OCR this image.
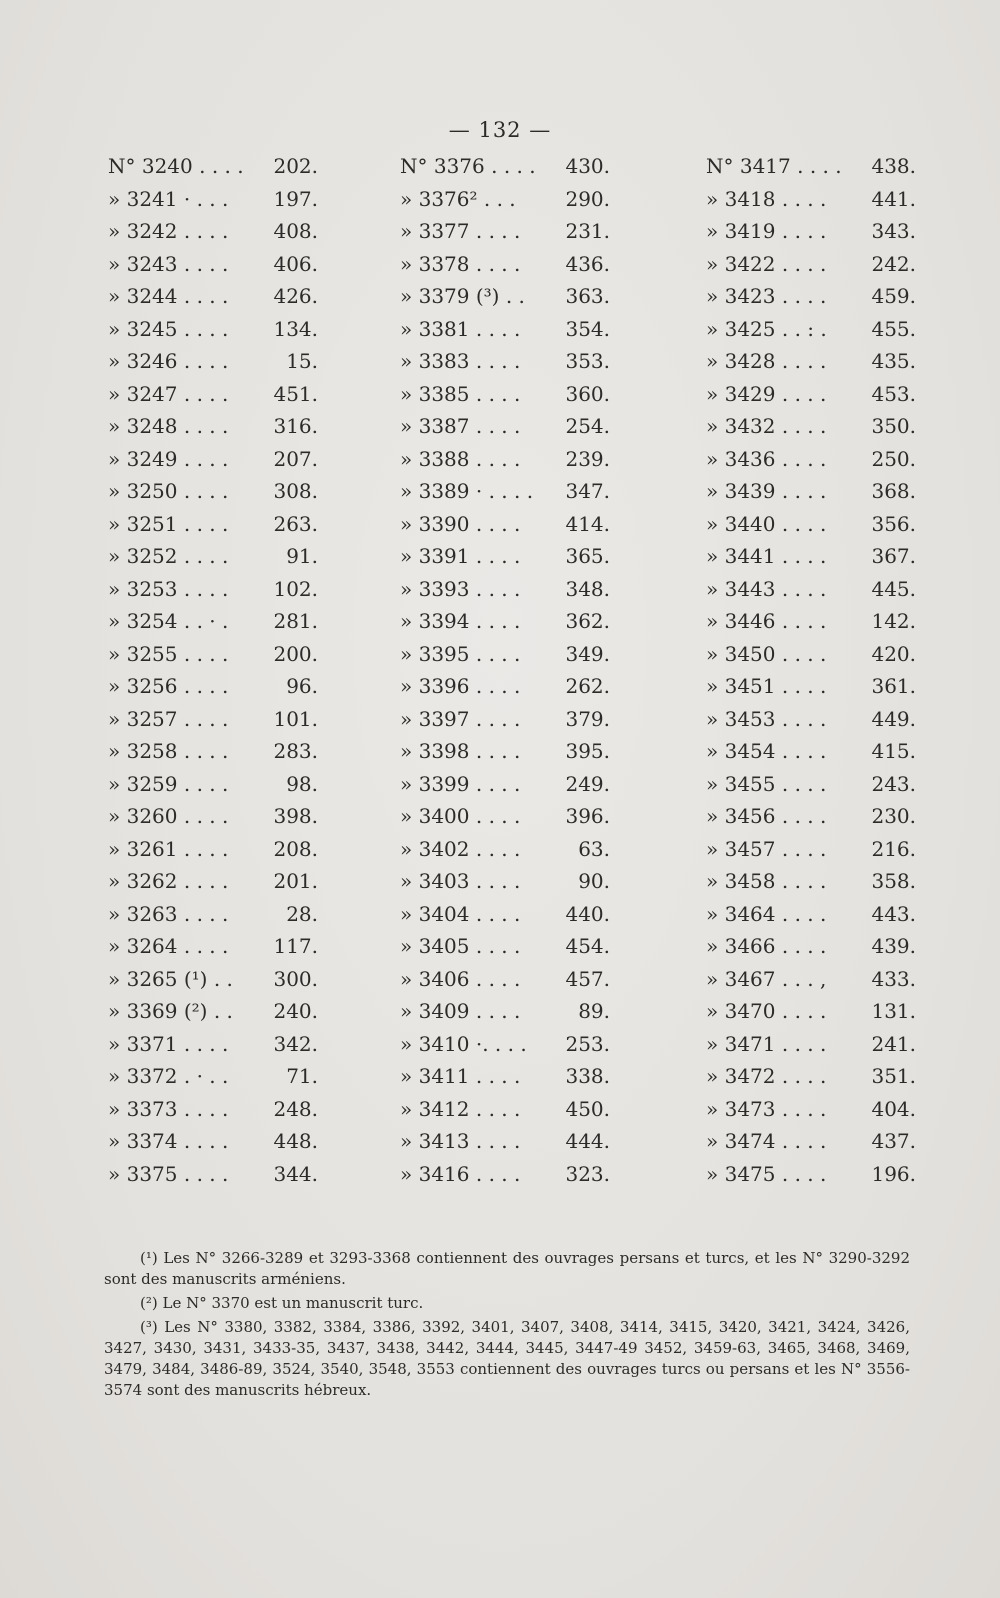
— 132 —
N° 3240 . . . .	202.
» 3241 · . . .	197.
» 3242 . . . .	408.
» 3243 . . . .	406.
» 3244 . . . .	426.
» 3245 . . . .	134.
» 3246 . . . .	15.
» 3247 . . . .	451.
» 3248 . . . .	316.
» 3249 . . . .	207.
» 3250 . . . .	308.
» 3251 . . . .	263.
» 3252 . . . .	91.
» 3253 . . . .	102.
» 3254 . . · .	281.
» 3255 . . . .	200.
» 3256 . . . .	96.
» 3257 . . . .	101.
» 3258 . . . .	283.
» 3259 . . . .	98.
» 3260 . . . .	398.
» 3261 . . . .	208.
» 3262 . . . .	201.
» 3263 . . . .	28.
» 3264 . . . .	117.
» 3265 (¹) . .	300.
» 3369 (²) . .	240.
» 3371 . . . .	342.
» 3372 . · . .	71.
» 3373 . . . .	248.
» 3374 . . . .	448.
» 3375 . . . .	344.
N° 3376 . . . .	430.
» 3376² . . .	290.
» 3377 . . . .	231.
» 3378 . . . .	436.
» 3379 (³) . .	363.
» 3381 . . . .	354.
» 3383 . . . .	353.
» 3385 . . . .	360.
» 3387 . . . .	254.
» 3388 . . . .	239.
» 3389 · . . . .	347.
» 3390 . . . .	414.
» 3391 . . . .	365.
» 3393 . . . .	348.
» 3394 . . . .	362.
» 3395 . . . .	349.
» 3396 . . . .	262.
» 3397 . . . .	379.
» 3398 . . . .	395.
» 3399 . . . .	249.
» 3400 . . . .	396.
» 3402 . . . .	63.
» 3403 . . . .	90.
» 3404 . . . .	440.
» 3405 . . . .	454.
» 3406 . . . .	457.
» 3409 . . . .	89.
» 3410 ·. . . .	253.
» 3411 . . . .	338.
» 3412 . . . .	450.
» 3413 . . . .	444.
» 3416 . . . .	323.
N° 3417 . . . .	438.
» 3418 . . . .	441.
» 3419 . . . .	343.
» 3422 . . . .	242.
» 3423 . . . .	459.
» 3425 . . : .	455.
» 3428 . . . .	435.
» 3429 . . . .	453.
» 3432 . . . .	350.
» 3436 . . . .	250.
» 3439 . . . .	368.
» 3440 . . . .	356.
» 3441 . . . .	367.
» 3443 . . . .	445.
» 3446 . . . .	142.
» 3450 . . . .	420.
» 3451 . . . .	361.
» 3453 . . . .	449.
» 3454 . . . .	415.
» 3455 . . . .	243.
» 3456 . . . .	230.
» 3457 . . . .	216.
» 3458 . . . .	358.
» 3464 . . . .	443.
» 3466 . . . .	439.
» 3467 . . . ,	433.
» 3470 . . . .	131.
» 3471 . . . .	241.
» 3472 . . . .	351.
» 3473 . . . .	404.
» 3474 . . . .	437.
» 3475 . . . .	196.

(¹) Les N° 3266-3289 et 3293-3368 contiennent des ouvrages persans et turcs, et les N° 3290-3292 sont des manuscrits arméniens.

(²) Le N° 3370 est un manuscrit turc.

(³) Les N° 3380, 3382, 3384, 3386, 3392, 3401, 3407, 3408, 3414, 3415, 3420, 3421, 3424, 3426, 3427, 3430, 3431, 3433-35, 3437, 3438, 3442, 3444, 3445, 3447-49 3452, 3459-63, 3465, 3468, 3469, 3479, 3484, 3486-89, 3524, 3540, 3548, 3553 contiennent des ouvrages turcs ou persans et les N° 3556-3574 sont des manuscrits hébreux.
